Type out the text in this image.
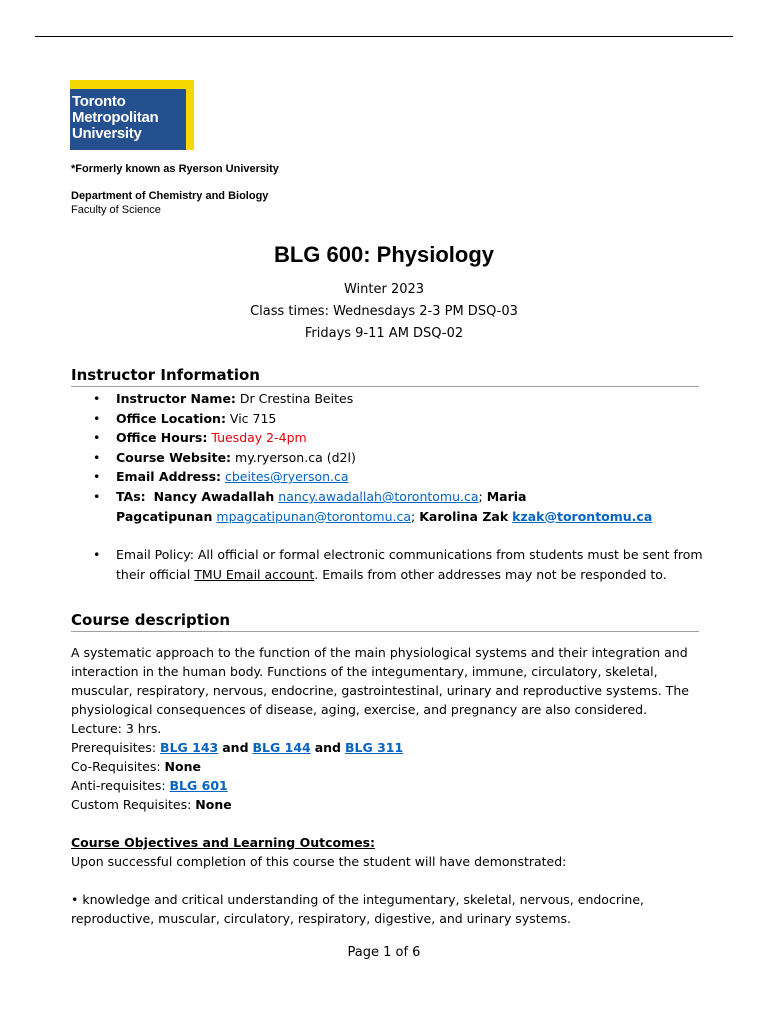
Toronto
Metropolitan
University
*Formerly known as Ryerson University
Department of Chemistry and Biology
Faculty of Science
BLG 600: Physiology
Winter 2023
Class times: Wednesdays 2-3 PM DSQ-03
Fridays 9-11 AM DSQ-02
Instructor Information
• Instructor Name: Dr Crestina Beites
• Office Location: Vic 715
• Office Hours: Tuesday 2-4pm
• Course Website: my.ryerson.ca (d2l)
• Email Address: cbeites@ryerson.ca
• TAs: Nancy Awadallah nancy.awadallah@torontomu.ca; Maria
Pagcatipunan mpagcatipunan@torontomu.ca; Karolina Zak kzak@torontomu.ca
• Email Policy: All official or formal electronic communications from students must be sent from
their official TMU Email account. Emails from other addresses may not be responded to.
Course description
A systematic approach to the function of the main physiological systems and their integration and
interaction in the human body. Functions of the integumentary, immune, circulatory, skeletal,
muscular, respiratory, nervous, endocrine, gastrointestinal, urinary and reproductive systems. The
physiological consequences of disease, aging, exercise, and pregnancy are also considered.
Lecture: 3 hrs.
Prerequisites: BLG 143 and BLG 144 and BLG 311
Co-Requisites: None
Anti-requisites: BLG 601
Custom Requisites: None
Course Objectives and Learning Outcomes:
Upon successful completion of this course the student will have demonstrated:
• knowledge and critical understanding of the integumentary, skeletal, nervous, endocrine,
reproductive, muscular, circulatory, respiratory, digestive, and urinary systems.
Page 1 of 6
